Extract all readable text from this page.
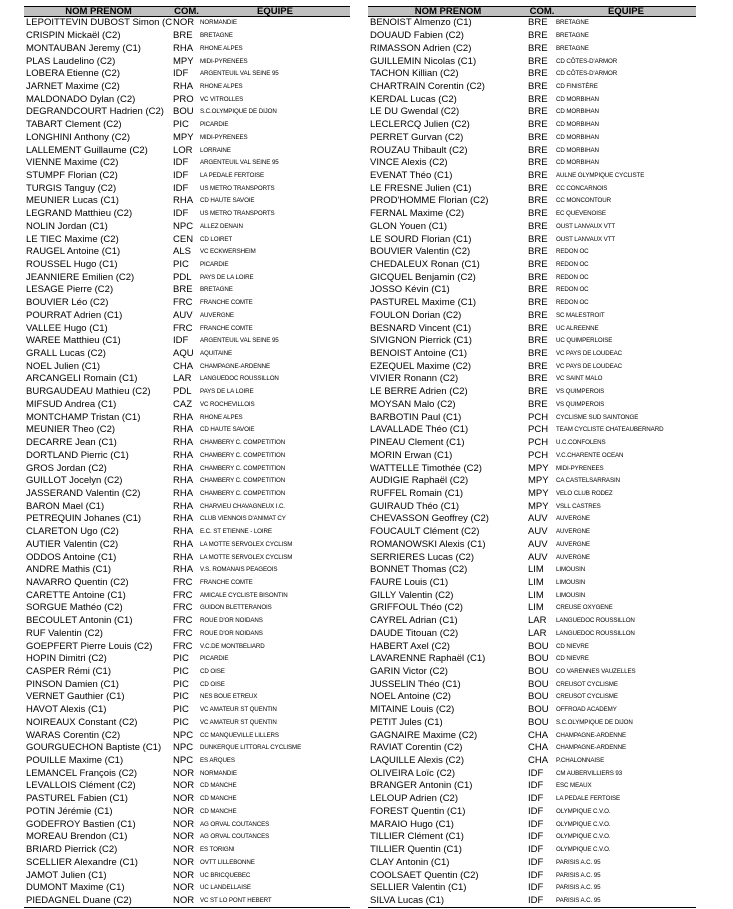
NOM PRENOM	COM.	EQUIPE
LEPOITTEVIN DUBOST Simon (C	NOR	NORMANDIE
CRISPIN Mickaël (C2)	BRE	BRETAGNE
MONTAUBAN Jeremy (C1)	RHA	RHONE ALPES
PLAS Laudelino (C2)	MPY	MIDI-PYRENEES
LOBERA Etienne (C2)	IDF	ARGENTEUIL VAL SEINE 95
JARNET Maxime (C2)	RHA	RHONE ALPES
MALDONADO Dylan (C2)	PRO	VC VITROLLES
DEGRANDCOURT Hadrien (C2)	BOU	S.C.OLYMPIQUE DE DIJON
TABART Clement (C2)	PIC	PICARDIE
LONGHINI Anthony (C2)	MPY	MIDI-PYRENEES
LALLEMENT Guillaume (C2)	LOR	LORRAINE
VIENNE Maxime (C2)	IDF	ARGENTEUIL VAL SEINE 95
STUMPF Florian (C2)	IDF	LA PEDALE FERTOISE
TURGIS Tanguy (C2)	IDF	US METRO TRANSPORTS
MEUNIER Lucas (C1)	RHA	CD HAUTE SAVOIE
LEGRAND Matthieu (C2)	IDF	US METRO TRANSPORTS
NOLIN Jordan (C1)	NPC	ALLEZ DENAIN
LE TIEC Maxime (C2)	CEN	CD LOIRET
RAUGEL Antoine (C1)	ALS	VC ECKWERSHEIM
ROUSSEL Hugo (C1)	PIC	PICARDIE
JEANNIERE Emilien (C2)	PDL	PAYS DE LA LOIRE
LESAGE Pierre (C2)	BRE	BRETAGNE
BOUVIER Léo (C2)	FRC	FRANCHE COMTE
POURRAT Adrien (C1)	AUV	AUVERGNE
VALLEE Hugo (C1)	FRC	FRANCHE COMTE
WAREE Matthieu (C1)	IDF	ARGENTEUIL VAL SEINE 95
GRALL Lucas (C2)	AQU	AQUITAINE
NOEL Julien (C1)	CHA	CHAMPAGNE-ARDENNE
ARCANGELI Romain (C1)	LAR	LANGUEDOC ROUSSILLON
BURGAUDEAU Mathieu (C2)	PDL	PAYS DE LA LOIRE
MIFSUD Andrea (C1)	CAZ	VC ROCHEVILLOIS
MONTCHAMP Tristan (C1)	RHA	RHONE ALPES
MEUNIER Theo (C2)	RHA	CD HAUTE SAVOIE
DECARRE Jean (C1)	RHA	CHAMBERY C. COMPETITION
DORTLAND Pierric (C1)	RHA	CHAMBERY C. COMPETITION
GROS Jordan (C2)	RHA	CHAMBERY C. COMPETITION
GUILLOT Jocelyn (C2)	RHA	CHAMBERY C. COMPETITION
JASSERAND Valentin (C2)	RHA	CHAMBERY C. COMPETITION
BARON Mael (C1)	RHA	CHARVIEU CHAVAGNEUX I.C.
PETREQUIN Johanes (C1)	RHA	CLUB VIENNOIS D'ANIMAT CY
CLARETON Ugo (C2)	RHA	E.C. ST ETIENNE - LOIRE
AUTIER Valentin (C2)	RHA	LA MOTTE SERVOLEX CYCLISM
ODDOS Antoine (C1)	RHA	LA MOTTE SERVOLEX CYCLISM
ANDRE Mathis (C1)	RHA	V.S. ROMANAIS PEAGEOIS
NAVARRO Quentin (C2)	FRC	FRANCHE COMTE
CARETTE Antoine (C1)	FRC	AMICALE CYCLISTE BISONTIN
SORGUE Mathéo (C2)	FRC	GUIDON BLETTERANOIS
BECOULET Antonin (C1)	FRC	ROUE D'OR NOIDANS
RUF Valentin (C2)	FRC	ROUE D'OR NOIDANS
GOEPFERT Pierre Louis (C2)	FRC	V.C.DE MONTBELIARD
HOPIN Dimitri (C2)	PIC	PICARDIE
CASPER Rémi (C1)	PIC	CD OISE
PINSON Damien (C1)	PIC	CD OISE
VERNET Gauthier (C1)	PIC	NES BOUE ETREUX
HAVOT Alexis (C1)	PIC	VC AMATEUR ST QUENTIN
NOIREAUX Constant (C2)	PIC	VC AMATEUR ST QUENTIN
WARAS Corentin (C2)	NPC	CC MANQUEVILLE LILLERS
GOURGUECHON Baptiste (C1)	NPC	DUNKERQUE LITTORAL CYCLISME
POUILLE Maxime (C1)	NPC	ES ARQUES
LEMANCEL François (C2)	NOR	NORMANDIE
LEVALLOIS Clément (C2)	NOR	CD MANCHE
PASTUREL Fabien (C1)	NOR	CD MANCHE
POTIN Jérémie (C1)	NOR	CD MANCHE
GODEFROY Bastien (C1)	NOR	AG ORVAL COUTANCES
MOREAU Brendon (C1)	NOR	AG ORVAL COUTANCES
BRIARD Pierrick (C2)	NOR	ES TORIGNI
SCELLIER Alexandre (C1)	NOR	OVTT LILLEBONNE
JAMOT Julien (C1)	NOR	UC BRICQUEBEC
DUMONT Maxime (C1)	NOR	UC LANDELLAISE
PIEDAGNEL Duane (C2)	NOR	VC ST LO PONT HEBERT
NOM PRENOM	COM.	EQUIPE
BENOIST Almenzo (C1)	BRE	BRETAGNE
DOUAUD Fabien (C2)	BRE	BRETAGNE
RIMASSON Adrien (C2)	BRE	BRETAGNE
GUILLEMIN Nicolas (C1)	BRE	CD CÔTES-D'ARMOR
TACHON Killian (C2)	BRE	CD CÔTES-D'ARMOR
CHARTRAIN Corentin (C2)	BRE	CD FINISTÈRE
KERDAL Lucas (C2)	BRE	CD MORBIHAN
LE DU Gwendal (C2)	BRE	CD MORBIHAN
LECLERCQ Julien (C2)	BRE	CD MORBIHAN
PERRET Gurvan (C2)	BRE	CD MORBIHAN
ROUZAU Thibault (C2)	BRE	CD MORBIHAN
VINCE Alexis (C2)	BRE	CD MORBIHAN
EVENAT Théo (C1)	BRE	AULNE OLYMPIQUE CYCLISTE
LE FRESNE Julien (C1)	BRE	CC CONCARNOIS
PROD'HOMME Florian (C2)	BRE	CC MONCONTOUR
FERNAL Maxime (C2)	BRE	EC QUEVENOISE
GLON Youen (C1)	BRE	OUST LANVAUX VTT
LE SOURD Florian (C1)	BRE	OUST LANVAUX VTT
BOUVIER Valentin (C2)	BRE	REDON OC
CHEDALEUX Ronan (C1)	BRE	REDON OC
GICQUEL Benjamin (C2)	BRE	REDON OC
JOSSO Kévin (C1)	BRE	REDON OC
PASTUREL Maxime (C1)	BRE	REDON OC
FOULON Dorian (C2)	BRE	SC MALESTROIT
BESNARD Vincent (C1)	BRE	UC ALREENNE
SIVIGNON Pierrick (C1)	BRE	UC QUIMPERLOISE
BENOIST Antoine (C1)	BRE	VC PAYS DE LOUDEAC
EZEQUEL Maxime (C2)	BRE	VC PAYS DE LOUDEAC
VIVIER Ronann (C2)	BRE	VC SAINT MALO
LE BERRE Adrien (C2)	BRE	VS QUIMPEROIS
MOYSAN Malo (C2)	BRE	VS QUIMPEROIS
BARBOTIN Paul (C1)	PCH	CYCLISME SUD SAINTONGE
LAVALLADE Théo (C1)	PCH	TEAM CYCLISTE CHATEAUBERNARD
PINEAU Clement (C1)	PCH	U.C.CONFOLENS
MORIN Erwan (C1)	PCH	V.C.CHARENTE OCEAN
WATTELLE Timothée (C2)	MPY	MIDI-PYRENEES
AUDIGIE Raphaël (C2)	MPY	CA CASTELSARRASIN
RUFFEL Romain (C1)	MPY	VELO CLUB RODEZ
GUIRAUD Théo (C1)	MPY	VSLL CASTRES
CHEVASSON Geoffrey (C2)	AUV	AUVERGNE
FOUCAULT Clément (C2)	AUV	AUVERGNE
ROMANOWSKI Alexis (C1)	AUV	AUVERGNE
SERRIERES Lucas (C2)	AUV	AUVERGNE
BONNET Thomas (C2)	LIM	LIMOUSIN
FAURE Louis (C1)	LIM	LIMOUSIN
GILLY Valentin (C2)	LIM	LIMOUSIN
GRIFFOUL Théo (C2)	LIM	CREUSE OXYGENE
CAYREL Adrian (C1)	LAR	LANGUEDOC ROUSSILLON
DAUDE Titouan (C2)	LAR	LANGUEDOC ROUSSILLON
HABERT Axel (C2)	BOU	CD NIEVRE
LAVARENNE Raphaël (C1)	BOU	CD NIEVRE
GARIN Victor (C2)	BOU	CO VARENNES VAUZELLES
JUSSELIN Théo (C1)	BOU	CREUSOT CYCLISME
NOEL Antoine (C2)	BOU	CREUSOT CYCLISME
MITAINE Louis (C2)	BOU	OFFROAD ACADEMY
PETIT Jules (C1)	BOU	S.C.OLYMPIQUE DE DIJON
GAGNAIRE Maxime (C2)	CHA	CHAMPAGNE-ARDENNE
RAVIAT Corentin (C2)	CHA	CHAMPAGNE-ARDENNE
LAQUILLE Alexis (C2)	CHA	P.CHALONNAISE
OLIVEIRA Loïc (C2)	IDF	CM AUBERVILLIERS 93
BRANGER Antonin (C1)	IDF	ESC MEAUX
LELOUP Adrien (C2)	IDF	LA PEDALE FERTOISE
FOREST Quentin (C1)	IDF	OLYMPIQUE C.V.O.
MARAIO Hugo (C1)	IDF	OLYMPIQUE C.V.O.
TILLIER Clément (C1)	IDF	OLYMPIQUE C.V.O.
TILLIER Quentin (C1)	IDF	OLYMPIQUE C.V.O.
CLAY Antonin (C1)	IDF	PARISIS A.C. 95
COOLSAET Quentin (C2)	IDF	PARISIS A.C. 95
SELLIER Valentin (C1)	IDF	PARISIS A.C. 95
SILVA Lucas (C1)	IDF	PARISIS A.C. 95
